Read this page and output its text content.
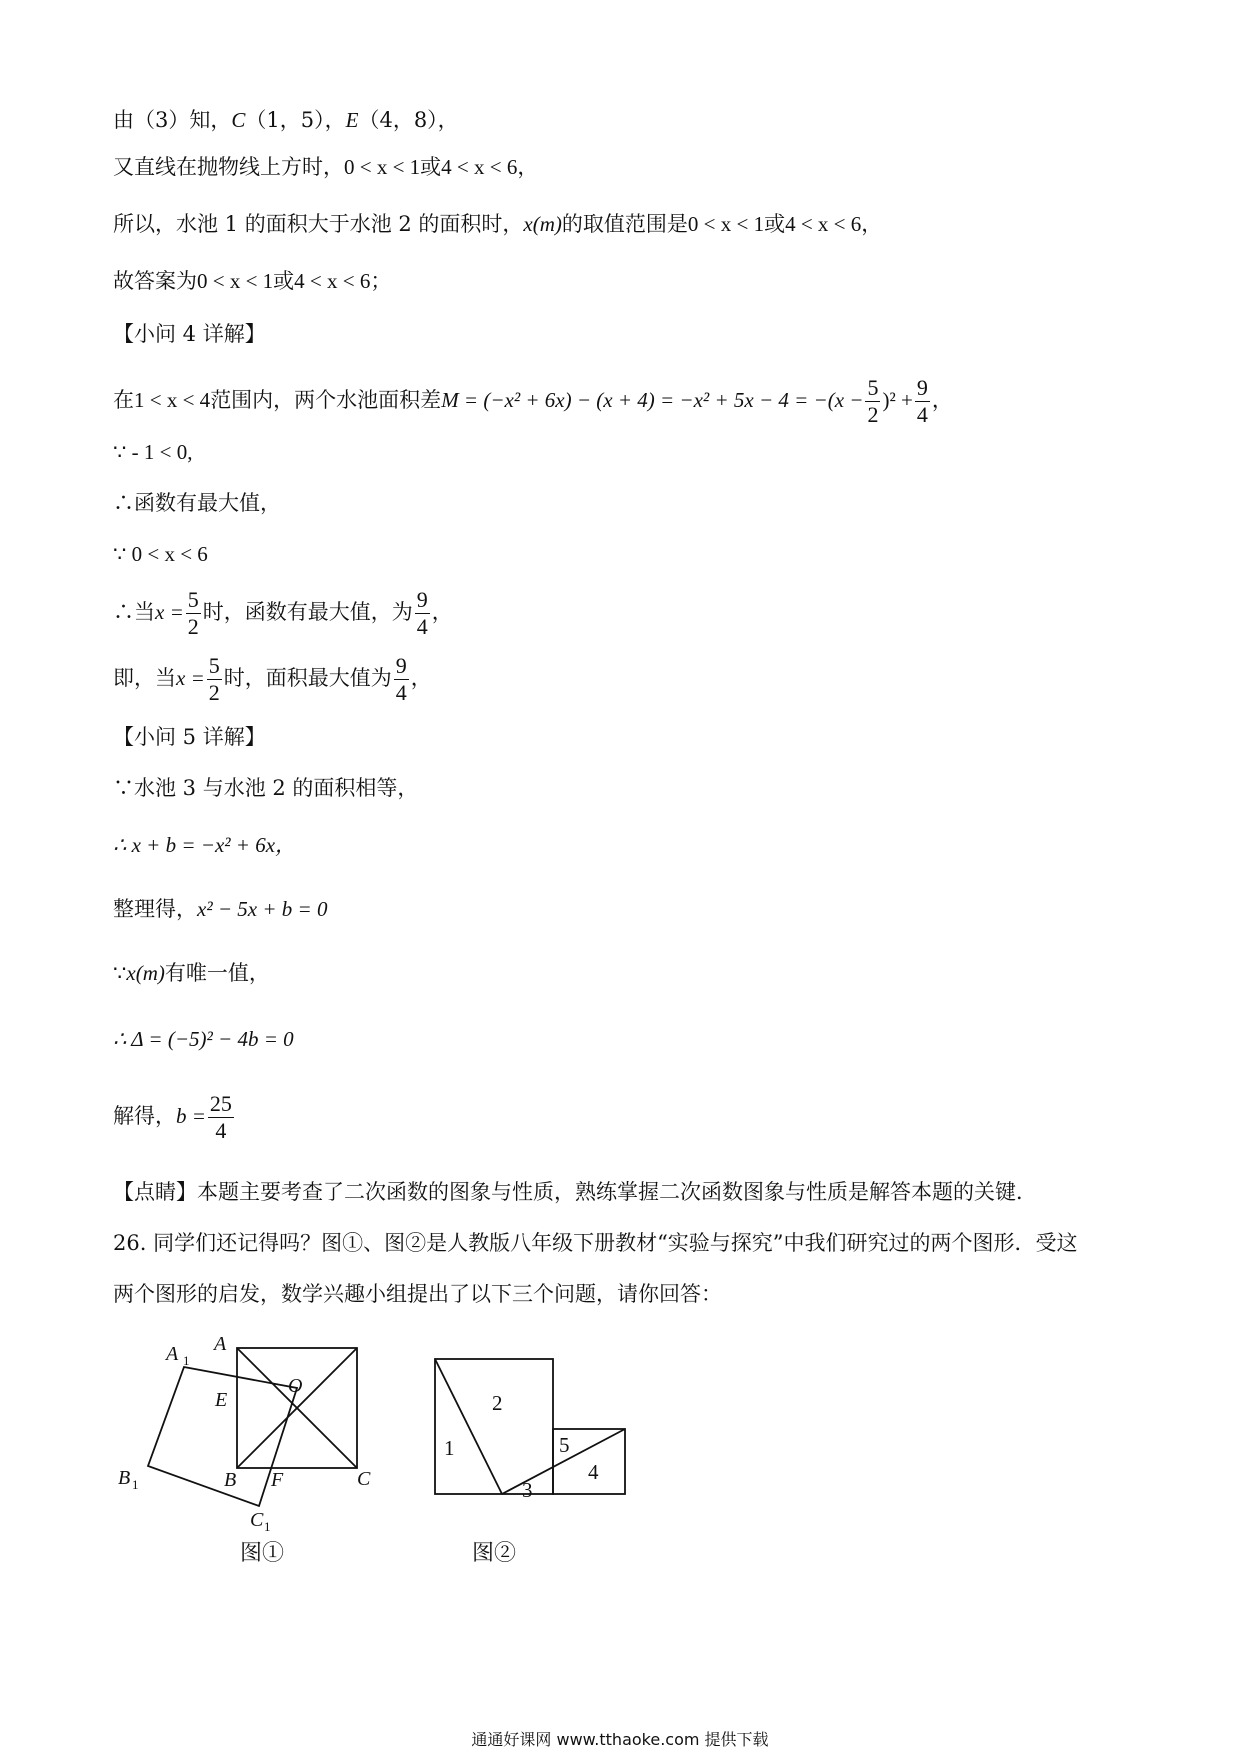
由（3）知，C（1，5），E（4，8），
又直线在抛物线上方时，0 < x < 1或4 < x < 6，
所以，水池 1 的面积大于水池 2 的面积时，x(m)的取值范围是0 < x < 1或4 < x < 6，
故答案为0 < x < 1或4 < x < 6；
【小问 4 详解】
在1 < x < 4范围内，两个水池面积差$M = (-x^2 + 6x) - (x + 4) = -x^2 + 5x - 4 = -(x - \frac{5}{2} )^2 + \frac{9}{4}$ ，
∵ - 1 < 0,
∴函数有最大值，
∵ 0 < x < 6
∴当$x = \frac{5}{2}$ 时，函数有最大值，为 $\frac{9}{4}$ ，
即，当$x = \frac{5}{2}$ 时，面积最大值为 $\frac{9}{4}$ ，
【小问 5 详解】
∵水池 3 与水池 2 的面积相等，
∴ x + b = −x² + 6x，
整理得，x² − 5x + b = 0
∵x(m)有唯一值，
∴ Δ = (−5)² − 4b = 0
解得，$b = \frac{25}{4}$
【点睛】本题主要考查了二次函数的图象与性质，熟练掌握二次函数图象与性质是解答本题的关键．
26. 同学们还记得吗？图①、图②是人教版八年级下册教材“实验与探究”中我们研究过的两个图形．受这
两个图形的启发，数学兴趣小组提出了以下三个问题，请你回答：
A 1
A
E
O
B 1	B F	C
C 1
图①
1
2
3
4
5
图②
通通好课网 www.tthaoke.com 提供下载
